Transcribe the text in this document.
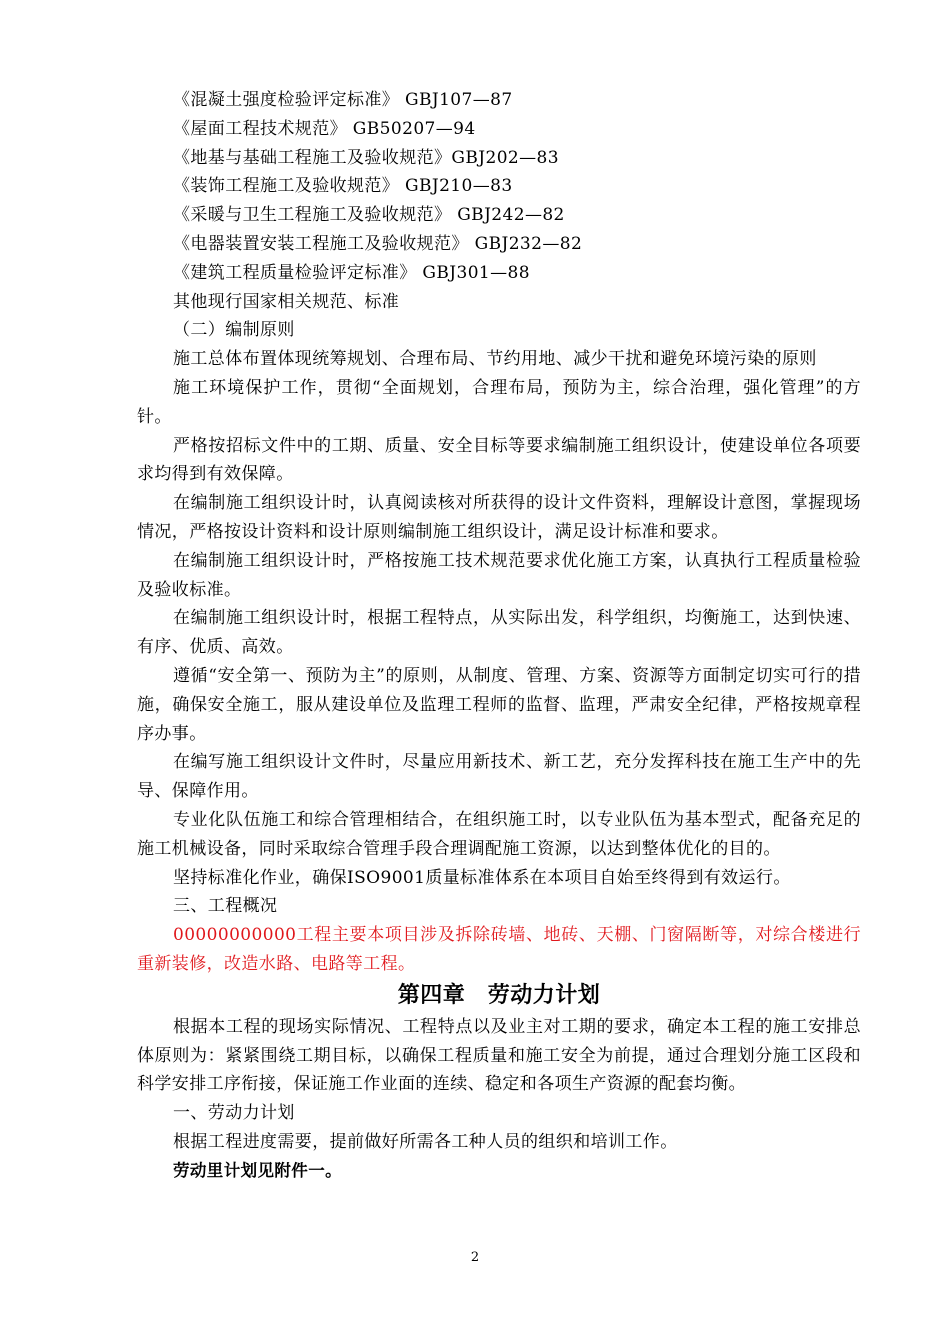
《混凝土强度检验评定标准》 GBJ107—87

《屋面工程技术规范》 GB50207—94

《地基与基础工程施工及验收规范》GBJ202—83

《装饰工程施工及验收规范》 GBJ210—83

《采暖与卫生工程施工及验收规范》 GBJ242—82

《电器装置安装工程施工及验收规范》 GBJ232—82

《建筑工程质量检验评定标准》 GBJ301—88

其他现行国家相关规范、标准

（二）编制原则

施工总体布置体现统筹规划、合理布局、节约用地、减少干扰和避免环境污染的原则

施工环境保护工作，贯彻“全面规划，合理布局，预防为主，综合治理，强化管理”的方针。

严格按招标文件中的工期、质量、安全目标等要求编制施工组织设计，使建设单位各项要求均得到有效保障。

在编制施工组织设计时，认真阅读核对所获得的设计文件资料，理解设计意图，掌握现场情况，严格按设计资料和设计原则编制施工组织设计，满足设计标准和要求。

在编制施工组织设计时，严格按施工技术规范要求优化施工方案，认真执行工程质量检验及验收标准。

在编制施工组织设计时，根据工程特点，从实际出发，科学组织，均衡施工，达到快速、有序、优质、高效。

遵循“安全第一、预防为主”的原则，从制度、管理、方案、资源等方面制定切实可行的措施，确保安全施工，服从建设单位及监理工程师的监督、监理，严肃安全纪律，严格按规章程序办事。

在编写施工组织设计文件时，尽量应用新技术、新工艺，充分发挥科技在施工生产中的先导、保障作用。

专业化队伍施工和综合管理相结合，在组织施工时，以专业队伍为基本型式，配备充足的施工机械设备，同时采取综合管理手段合理调配施工资源，以达到整体优化的目的。

坚持标准化作业，确保ISO9001质量标准体系在本项目自始至终得到有效运行。

三、工程概况

00000000000工程主要本项目涉及拆除砖墙、地砖、天棚、门窗隔断等，对综合楼进行重新装修，改造水路、电路等工程。

第四章　劳动力计划

根据本工程的现场实际情况、工程特点以及业主对工期的要求，确定本工程的施工安排总体原则为：紧紧围绕工期目标，以确保工程质量和施工安全为前提，通过合理划分施工区段和科学安排工序衔接，保证施工作业面的连续、稳定和各项生产资源的配套均衡。

一、劳动力计划

根据工程进度需要，提前做好所需各工种人员的组织和培训工作。

劳动里计划见附件一。

2
